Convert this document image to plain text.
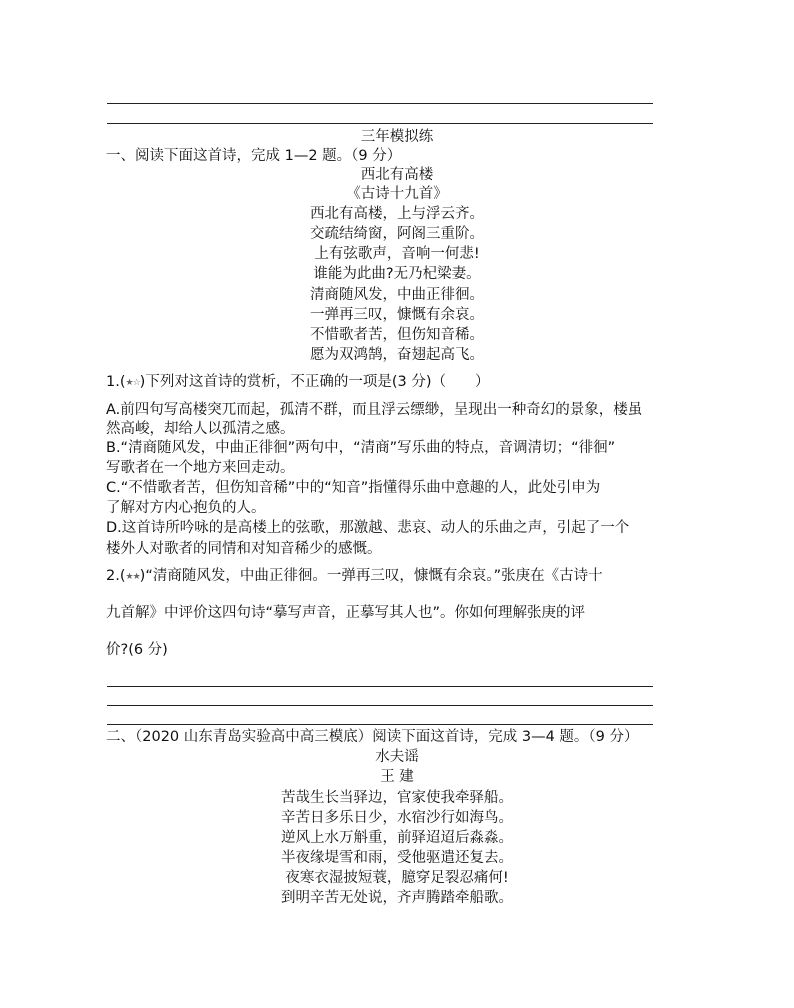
三年模拟练
一、阅读下面这首诗，完成 1—2 题。（9 分）
西北有高楼
《古诗十九首》
西北有高楼，上与浮云齐。
交疏结绮窗，阿阁三重阶。
上有弦歌声，音响一何悲!
谁能为此曲?无乃杞梁妻。
清商随风发，中曲正徘徊。
一弹再三叹，慷慨有余哀。
不惜歌者苦，但伤知音稀。
愿为双鸿鹄，奋翅起高飞。
1.(★☆)下列对这首诗的赏析，不正确的一项是(3 分)（　　）
A.前四句写高楼突兀而起，孤清不群，而且浮云缥缈，呈现出一种奇幻的景象，楼虽
然高峻，却给人以孤清之感。
B.“清商随风发，中曲正徘徊”两句中，“清商”写乐曲的特点，音调清切；“徘徊”
写歌者在一个地方来回走动。
C.“不惜歌者苦，但伤知音稀”中的“知音”指懂得乐曲中意趣的人，此处引申为
了解对方内心抱负的人。
D.这首诗所吟咏的是高楼上的弦歌，那激越、悲哀、动人的乐曲之声，引起了一个
楼外人对歌者的同情和对知音稀少的感慨。
2.(★★)“清商随风发，中曲正徘徊。一弹再三叹，慷慨有余哀。”张庚在《古诗十
九首解》中评价这四句诗“摹写声音，正摹写其人也”。你如何理解张庚的评
价?(6 分)
二、（2020 山东青岛实验高中高三模底）阅读下面这首诗，完成 3—4 题。（9 分）
水夫谣
王 建
苦哉生长当驿边，官家使我牵驿船。
辛苦日多乐日少，水宿沙行如海鸟。
逆风上水万斛重，前驿迢迢后淼淼。
半夜缘堤雪和雨，受他驱遣还复去。
夜寒衣湿披短蓑，臆穿足裂忍痛何!
到明辛苦无处说，齐声腾踏牵船歌。
